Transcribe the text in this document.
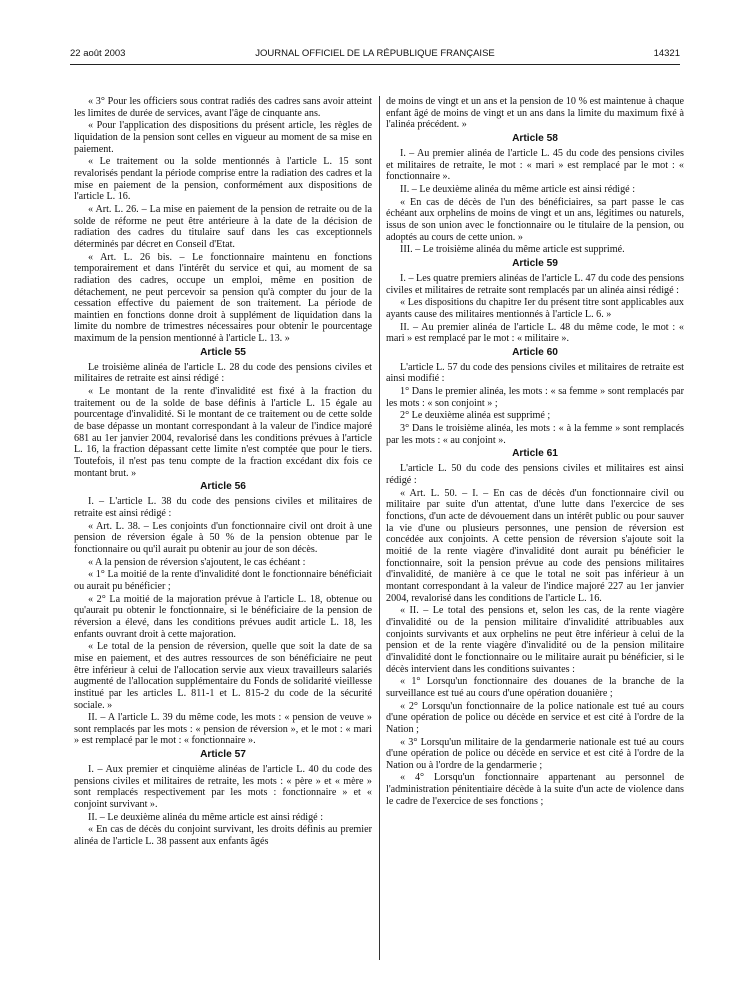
22 août 2003	JOURNAL OFFICIEL DE LA RÉPUBLIQUE FRANÇAISE	14321

« 3° Pour les officiers sous contrat radiés des cadres sans avoir atteint les limites de durée de services, avant l'âge de cinquante ans.

« Pour l'application des dispositions du présent article, les règles de liquidation de la pension sont celles en vigueur au moment de sa mise en paiement.

« Le traitement ou la solde mentionnés à l'article L. 15 sont revalorisés pendant la période comprise entre la radiation des cadres et la mise en paiement de la pension, conformément aux dispositions de l'article L. 16.

« Art. L. 26. – La mise en paiement de la pension de retraite ou de la solde de réforme ne peut être antérieure à la date de la décision de radiation des cadres du titulaire sauf dans les cas exceptionnels déterminés par décret en Conseil d'Etat.

« Art. L. 26 bis. – Le fonctionnaire maintenu en fonctions temporairement et dans l'intérêt du service et qui, au moment de sa radiation des cadres, occupe un emploi, même en position de détachement, ne peut percevoir sa pension qu'à compter du jour de la cessation effective du paiement de son traitement. La période de maintien en fonctions donne droit à supplément de liquidation dans la limite du nombre de trimestres nécessaires pour obtenir le pourcentage maximum de la pension mentionné à l'article L. 13. »

Article 55

Le troisième alinéa de l'article L. 28 du code des pensions civiles et militaires de retraite est ainsi rédigé :

« Le montant de la rente d'invalidité est fixé à la fraction du traitement ou de la solde de base définis à l'article L. 15 égale au pourcentage d'invalidité. Si le montant de ce traitement ou de cette solde de base dépasse un montant correspondant à la valeur de l'indice majoré 681 au 1er janvier 2004, revalorisé dans les conditions prévues à l'article L. 16, la fraction dépassant cette limite n'est comptée que pour le tiers. Toutefois, il n'est pas tenu compte de la fraction excédant dix fois ce montant brut. »

Article 56

I. – L'article L. 38 du code des pensions civiles et militaires de retraite est ainsi rédigé :

« Art. L. 38. – Les conjoints d'un fonctionnaire civil ont droit à une pension de réversion égale à 50 % de la pension obtenue par le fonctionnaire ou qu'il aurait pu obtenir au jour de son décès.

« A la pension de réversion s'ajoutent, le cas échéant :

« 1° La moitié de la rente d'invalidité dont le fonctionnaire bénéficiait ou aurait pu bénéficier ;

« 2° La moitié de la majoration prévue à l'article L. 18, obtenue ou qu'aurait pu obtenir le fonctionnaire, si le bénéficiaire de la pension de réversion a élevé, dans les conditions prévues audit article L. 18, les enfants ouvrant droit à cette majoration.

« Le total de la pension de réversion, quelle que soit la date de sa mise en paiement, et des autres ressources de son bénéficiaire ne peut être inférieur à celui de l'allocation servie aux vieux travailleurs salariés augmenté de l'allocation supplémentaire du Fonds de solidarité vieillesse institué par les articles L. 811-1 et L. 815-2 du code de la sécurité sociale. »

II. – A l'article L. 39 du même code, les mots : « pension de veuve » sont remplacés par les mots : « pension de réversion », et le mot : « mari » est remplacé par le mot : « fonctionnaire ».

Article 57

I. – Aux premier et cinquième alinéas de l'article L. 40 du code des pensions civiles et militaires de retraite, les mots : « père » et « mère » sont remplacés respectivement par les mots : fonctionnaire » et « conjoint survivant ».

II. – Le deuxième alinéa du même article est ainsi rédigé :

« En cas de décès du conjoint survivant, les droits définis au premier alinéa de l'article L. 38 passent aux enfants âgés

de moins de vingt et un ans et la pension de 10 % est maintenue à chaque enfant âgé de moins de vingt et un ans dans la limite du maximum fixé à l'alinéa précédent. »

Article 58

I. – Au premier alinéa de l'article L. 45 du code des pensions civiles et militaires de retraite, le mot : « mari » est remplacé par le mot : « fonctionnaire ».

II. – Le deuxième alinéa du même article est ainsi rédigé :

« En cas de décès de l'un des bénéficiaires, sa part passe le cas échéant aux orphelins de moins de vingt et un ans, légitimes ou naturels, issus de son union avec le fonctionnaire ou le titulaire de la pension, ou adoptés au cours de cette union. »

III. – Le troisième alinéa du même article est supprimé.

Article 59

I. – Les quatre premiers alinéas de l'article L. 47 du code des pensions civiles et militaires de retraite sont remplacés par un alinéa ainsi rédigé :

« Les dispositions du chapitre Ier du présent titre sont applicables aux ayants cause des militaires mentionnés à l'article L. 6. »

II. – Au premier alinéa de l'article L. 48 du même code, le mot : « mari » est remplacé par le mot : « militaire ».

Article 60

L'article L. 57 du code des pensions civiles et militaires de retraite est ainsi modifié :

1° Dans le premier alinéa, les mots : « sa femme » sont remplacés par les mots : « son conjoint » ;

2° Le deuxième alinéa est supprimé ;

3° Dans le troisième alinéa, les mots : « à la femme » sont remplacés par les mots : « au conjoint ».

Article 61

L'article L. 50 du code des pensions civiles et militaires est ainsi rédigé :

« Art. L. 50. – I. – En cas de décès d'un fonctionnaire civil ou militaire par suite d'un attentat, d'une lutte dans l'exercice de ses fonctions, d'un acte de dévouement dans un intérêt public ou pour sauver la vie d'une ou plusieurs personnes, une pension de réversion est concédée aux conjoints. A cette pension de réversion s'ajoute soit la moitié de la rente viagère d'invalidité dont aurait pu bénéficier le fonctionnaire, soit la pension prévue au code des pensions militaires d'invalidité, de manière à ce que le total ne soit pas inférieur à un montant correspondant à la valeur de l'indice majoré 227 au 1er janvier 2004, revalorisé dans les conditions de l'article L. 16.

« II. – Le total des pensions et, selon les cas, de la rente viagère d'invalidité ou de la pension militaire d'invalidité attribuables aux conjoints survivants et aux orphelins ne peut être inférieur à celui de la pension et de la rente viagère d'invalidité ou de la pension militaire d'invalidité dont le fonctionnaire ou le militaire aurait pu bénéficier, si le décès intervient dans les conditions suivantes :

« 1° Lorsqu'un fonctionnaire des douanes de la branche de la surveillance est tué au cours d'une opération douanière ;

« 2° Lorsqu'un fonctionnaire de la police nationale est tué au cours d'une opération de police ou décède en service et est cité à l'ordre de la Nation ;

« 3° Lorsqu'un militaire de la gendarmerie nationale est tué au cours d'une opération de police ou décède en service et est cité à l'ordre de la Nation ou à l'ordre de la gendarmerie ;

« 4° Lorsqu'un fonctionnaire appartenant au personnel de l'administration pénitentiaire décède à la suite d'un acte de violence dans le cadre de l'exercice de ses fonctions ;
